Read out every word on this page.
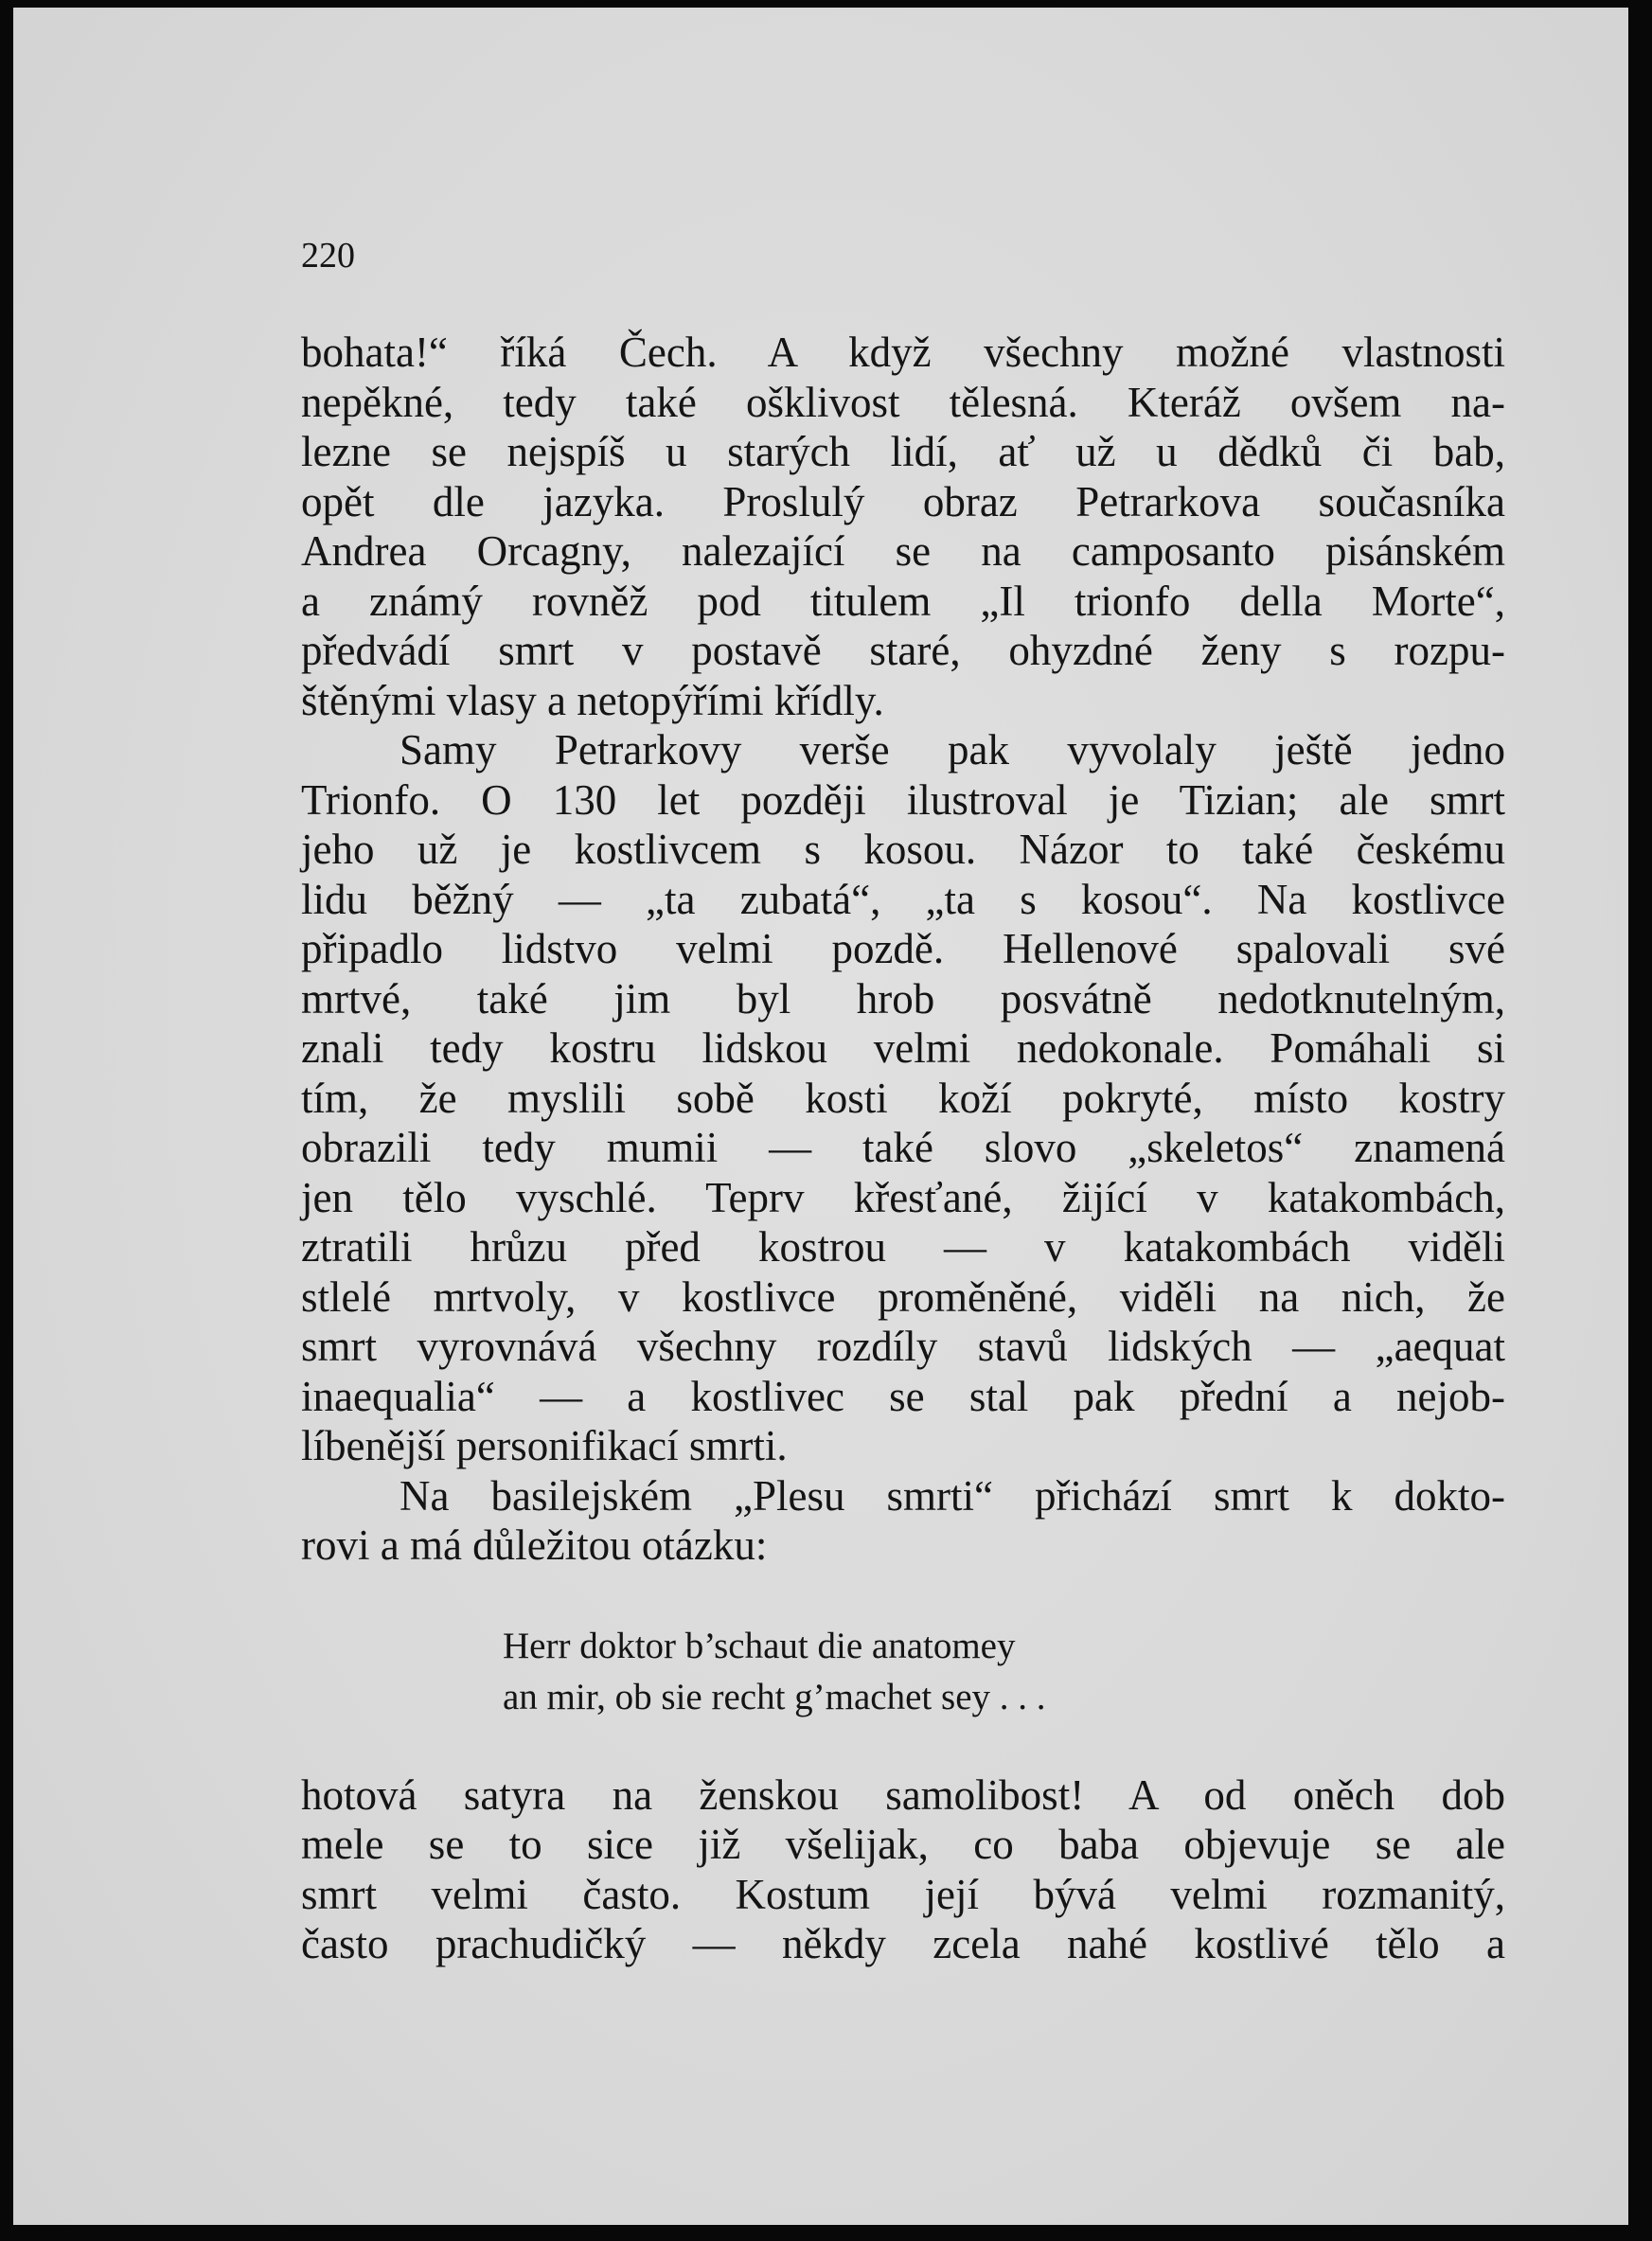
220
bohata!“ říká Čech. A když všechny možné vlastnosti
nepěkné, tedy také ošklivost tělesná. Kteráž ovšem na-
lezne se nejspíš u starých lidí, ať už u dědků či bab,
opět dle jazyka. Proslulý obraz Petrarkova současníka
Andrea Orcagny, nalezající se na camposanto pisánském
a známý rovněž pod titulem „Il trionfo della Morte“,
předvádí smrt v postavě staré, ohyzdné ženy s rozpu-
štěnými vlasy a netopýřími křídly.
Samy Petrarkovy verše pak vyvolaly ještě jedno
Trionfo. O 130 let později ilustroval je Tizian; ale smrt
jeho už je kostlivcem s kosou. Názor to také českému
lidu běžný — „ta zubatá“, „ta s kosou“. Na kostlivce
připadlo lidstvo velmi pozdě. Hellenové spalovali své
mrtvé, také jim byl hrob posvátně nedotknutelným,
znali tedy kostru lidskou velmi nedokonale. Pomáhali si
tím, že myslili sobě kosti koží pokryté, místo kostry
obrazili tedy mumii — také slovo „skeletos“ znamená
jen tělo vyschlé. Teprv křesťané, žijící v katakombách,
ztratili hrůzu před kostrou — v katakombách viděli
stlelé mrtvoly, v kostlivce proměněné, viděli na nich, že
smrt vyrovnává všechny rozdíly stavů lidských — „aequat
inaequalia“ — a kostlivec se stal pak přední a nejob-
líbenější personifikací smrti.
Na basilejském „Plesu smrti“ přichází smrt k dokto-
rovi a má důležitou otázku:
Herr doktor b’schaut die anatomey
an mir, ob sie recht g’machet sey . . .
hotová satyra na ženskou samolibost! A od oněch dob
mele se to sice již všelijak, co baba objevuje se ale
smrt velmi často. Kostum její bývá velmi rozmanitý,
často prachudičký — někdy zcela nahé kostlivé tělo a
